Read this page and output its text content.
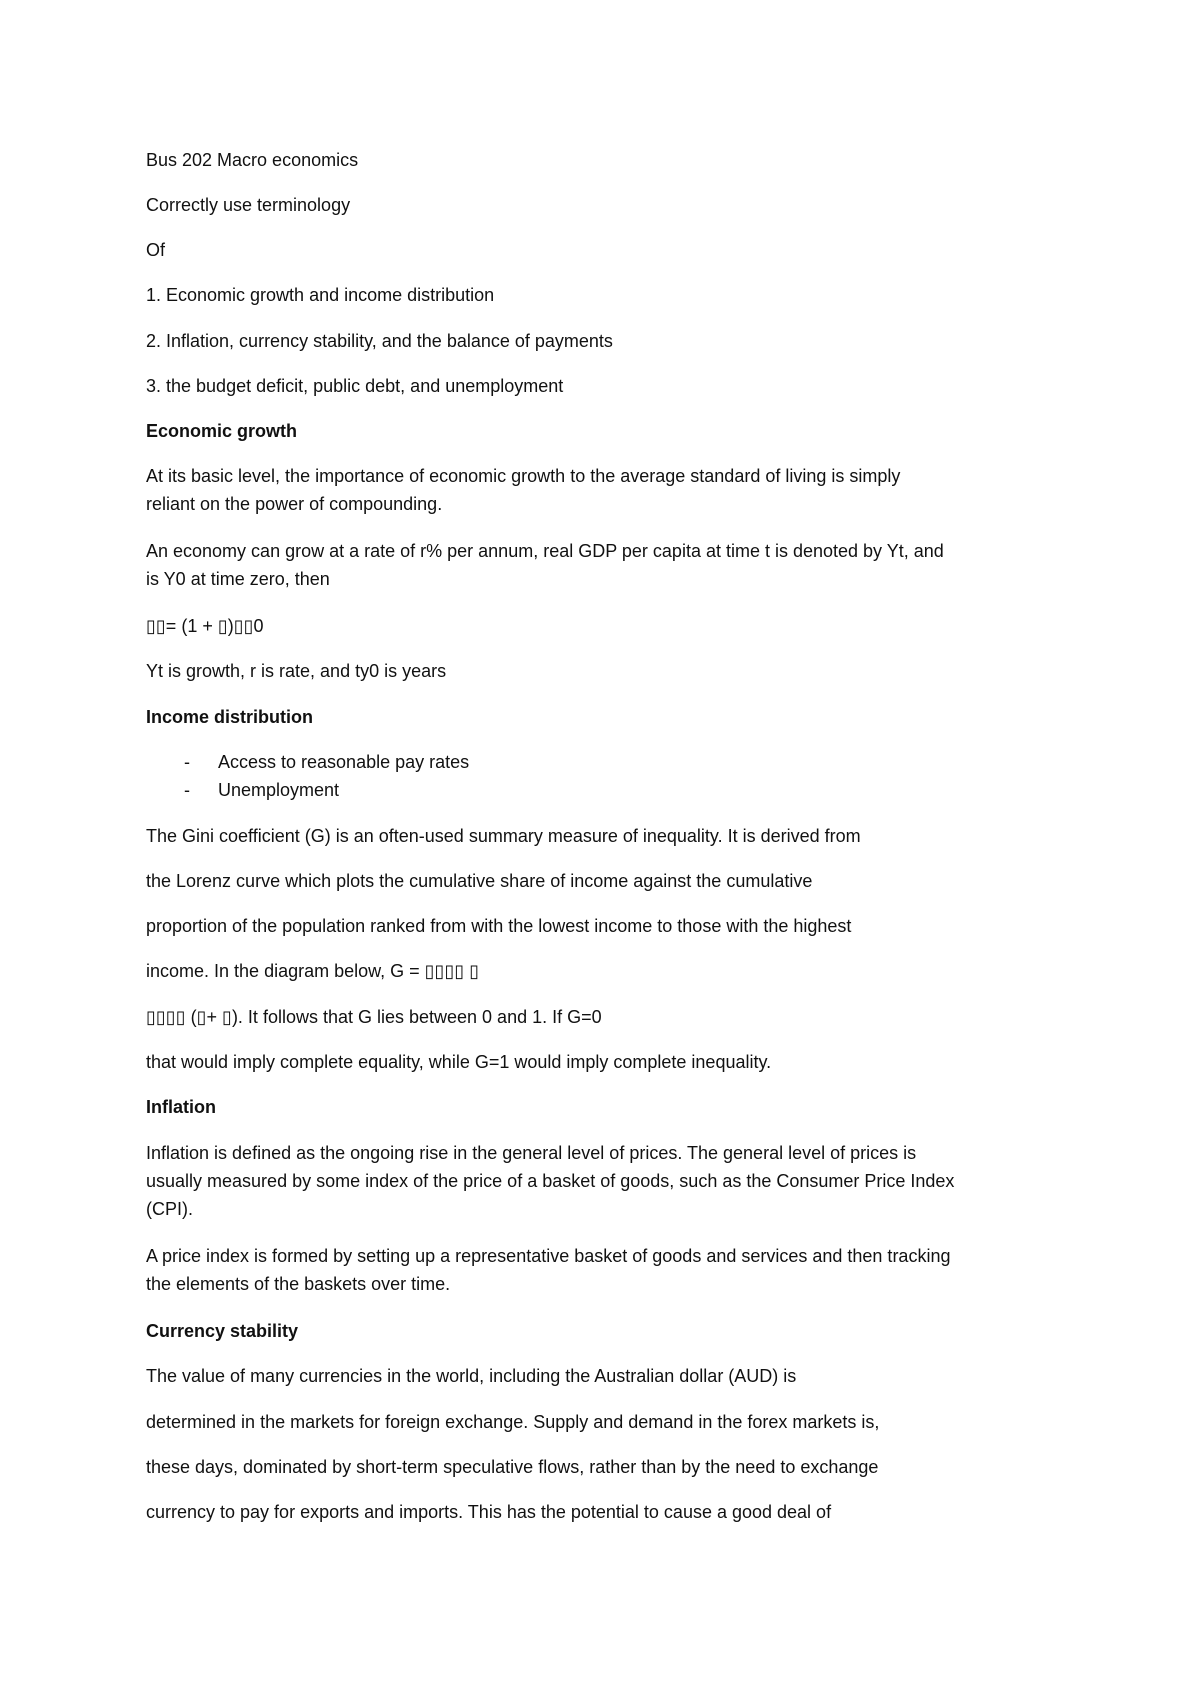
Bus 202 Macro economics
Correctly use terminology
Of
1. Economic growth and income distribution
2. Inflation, currency stability, and the balance of payments
3. the budget deficit, public debt, and unemployment
Economic growth
At its basic level, the importance of economic growth to the average standard of living is simply
reliant on the power of compounding.
An economy can grow at a rate of r% per annum, real GDP per capita at time t is denoted by Yt, and
is Y0 at time zero, then
▯▯= (1 + ▯)▯▯0
Yt is growth, r is rate, and ty0 is years
Income distribution
- Access to reasonable pay rates
- Unemployment
The Gini coefficient (G) is an often-used summary measure of inequality. It is derived from
the Lorenz curve which plots the cumulative share of income against the cumulative
proportion of the population ranked from with the lowest income to those with the highest
income. In the diagram below, G = ▯▯▯▯ ▯
▯▯▯▯ (▯+ ▯). It follows that G lies between 0 and 1. If G=0
that would imply complete equality, while G=1 would imply complete inequality.
Inflation
Inflation is defined as the ongoing rise in the general level of prices. The general level of prices is
usually measured by some index of the price of a basket of goods, such as the Consumer Price Index
(CPI).
A price index is formed by setting up a representative basket of goods and services and then tracking
the elements of the baskets over time.
Currency stability
The value of many currencies in the world, including the Australian dollar (AUD) is
determined in the markets for foreign exchange. Supply and demand in the forex markets is,
these days, dominated by short-term speculative flows, rather than by the need to exchange
currency to pay for exports and imports. This has the potential to cause a good deal of
